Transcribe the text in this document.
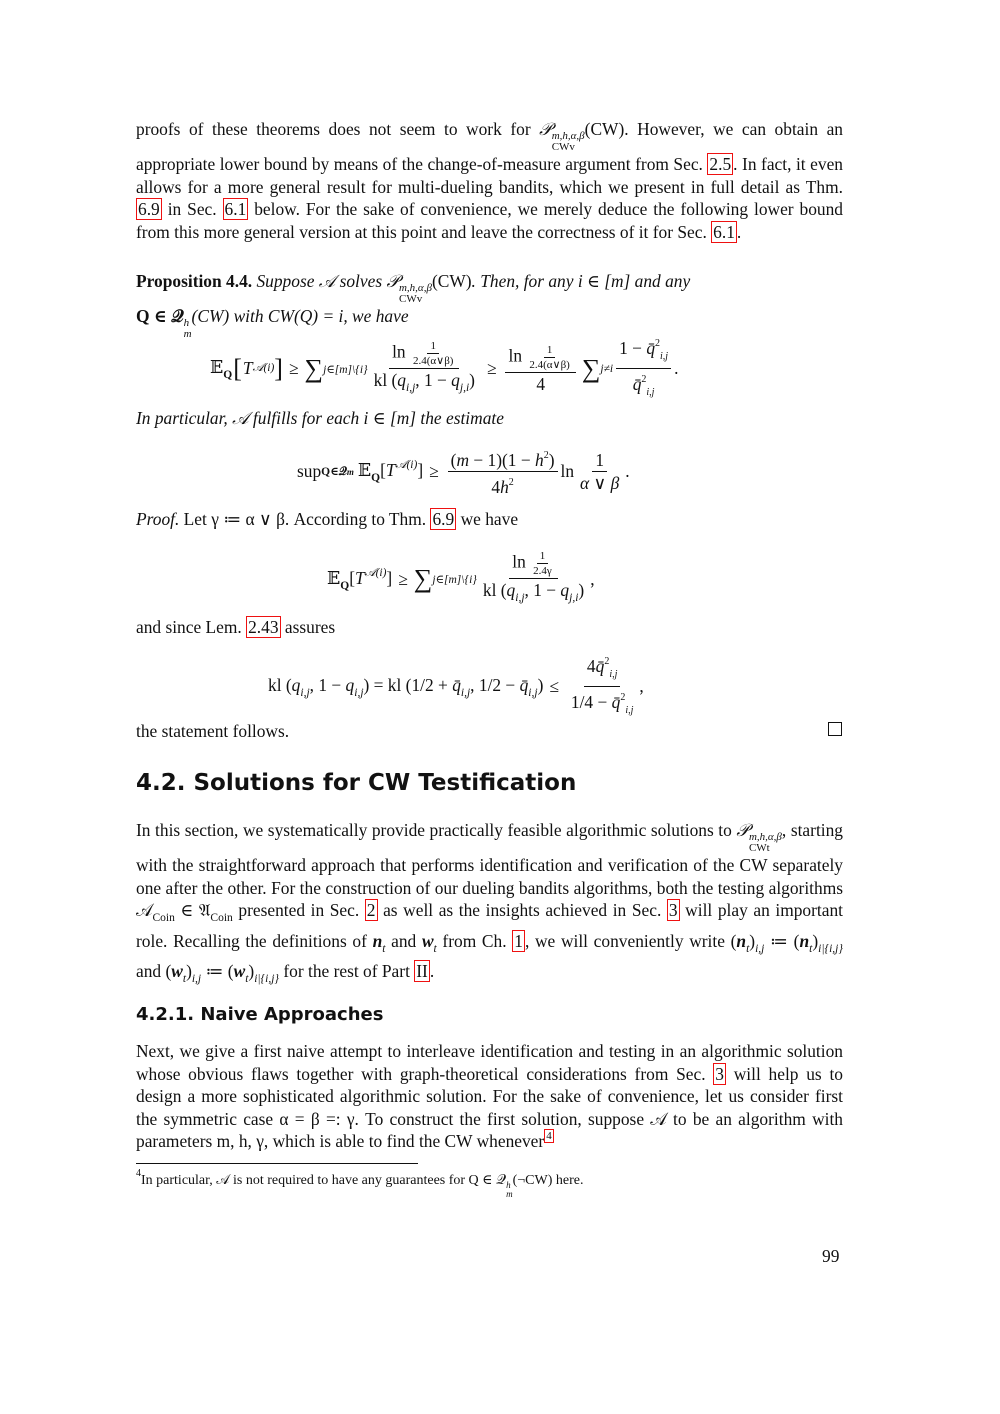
proofs of these theorems does not seem to work for 𝒫 m,h,α,β
CWv
(CW). However, we can obtain an appropriate lower bound by means of the change-of-measure argument from Sec. 2.5 . In fact, it even allows for a more general result for multi-dueling bandits, which we present in full detail as Thm. 6.9 in Sec. 6.1 below. For the sake of convenience, we merely deduce the following lower bound from this more general version at this point and leave the correctness of it for Sec. 6.1 .

Proposition 4.4. Suppose 𝒜 solves 𝒫 m,h,α,β
CWv
(CW). Then, for any i ∈ [m] and any
Q ∈ 𝒬 h
m
(CW) with CW(Q) = i, we have

𝔼$_Q$ [ T 𝒜(i) ] ≥ ∑ j∈[m]\{i} $\frac{\ln \frac{1}{2.4(\alpha\vee\beta)}}{kl (q_{i,j}, 1 - q_{j,i})} \ge \frac{\ln \frac{1}{2.4(\alpha\vee\beta)}}{4}$ ∑ $j\ne i \frac{1 - q̄^2_{i,j}}{q̄^2_{i,j}}$ .

In particular, 𝒜 fulfills for each i ∈ [m] the estimate

sup Q∈𝒬m $𝔼_Q[T^{𝒜(i)}] \ge \frac{(m - 1)(1 - h^2)}{4h^2}$ $\ln \frac{1}{\alpha \vee \beta}$ .

Proof. Let γ ≔ α ∨ β. According to Thm. 6.9 we have

$𝔼_Q[T^{𝒜(i)}]$ ≥ ∑ j∈[m]\{i} $\frac{\ln \frac{1}{2.4\gamma}}{kl (q_{i,j}, 1 - q_{j,i})}$ ,

and since Lem. 2.43 assures

kl ($q_{i,j}$, $1 - q_{i,j}$) = kl ($1/2 + q̄_{i,j}$, $1/2 - q̄_{i,j}) \le \frac{4q̄^2_{i,j}}{1/4 - q̄^2_{i,j}}$ ,

the statement follows.

4.2. Solutions for CW Testification

In this section, we systematically provide practically feasible algorithmic solutions to 𝒫 m,h,α,β
CWt
, starting with the straightforward approach that performs identification and verification of the CW separately one after the other. For the construction of our dueling bandits algorithms, both the testing algorithms 𝒜$_{Coin}$ ∈ 𝔄$_{Coin}$ presented in Sec. 2 as well as the insights achieved in Sec. 3 will play an important role. Recalling the definitions of $n_t$ and $w_t$ from Ch. 1 , we will conveniently write $(n_t)_{i,j}$ ≔ $(n_t)_{i|\{i,j\}}$ and $(w_t)_{i,j}$ ≔ $(w_t)_{i|\{i,j\}}$ for the rest of Part II .

4.2.1. Naive Approaches

Next, we give a first naive attempt to interleave identification and testing in an algorithmic solution whose obvious flaws together with graph-theoretical considerations from Sec. 3 will help us to design a more sophisticated algorithmic solution. For the sake of convenience, let us consider first the symmetric case α = β =: γ. To construct the first solution, suppose 𝒜 to be an algorithm with parameters m, h, γ, which is able to find the CW whenever $^4$

$^4$In particular, 𝒜 is not required to have any guarantees for Q ∈ 𝒬 h
m
(¬CW) here.
99
